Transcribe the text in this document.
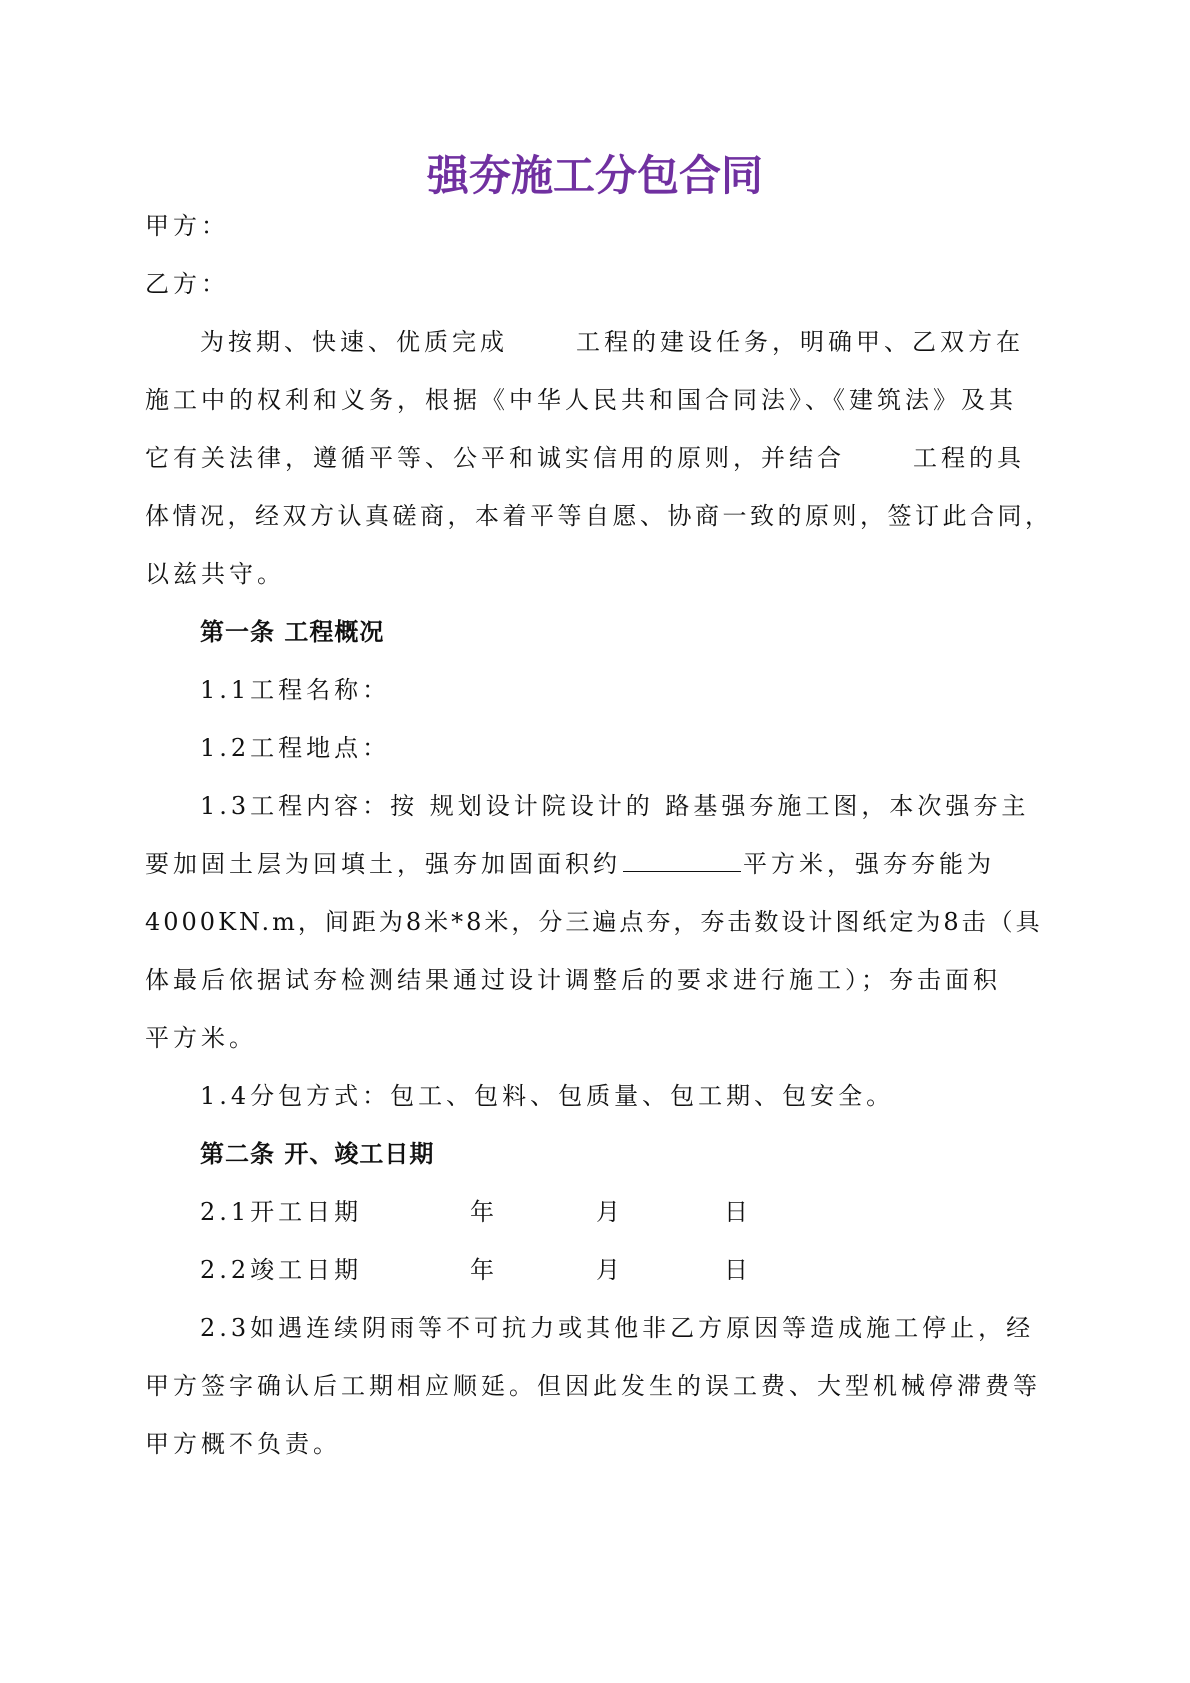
强夯施工分包合同
甲方：
乙方：
为按期、快速、优质完成	工程的建设任务，明确甲、乙双方在
施工中的权利和义务，根据《中华人民共和国合同法》、《建筑法》及其
它有关法律，遵循平等、公平和诚实信用的原则，并结合	工程的具
体情况，经双方认真磋商，本着平等自愿、协商一致的原则，签订此合同，
以兹共守。
第一条 工程概况
1.1工程名称：
1.2工程地点：
1.3工程内容：按 规划设计院设计的 路基强夯施工图，本次强夯主
要加固土层为回填土，强夯加固面积约	平方米，强夯夯能为
4000KN.m，间距为8米*8米，分三遍点夯，夯击数设计图纸定为8击（具
体最后依据试夯检测结果通过设计调整后的要求进行施工）；夯击面积
平方米。
1.4分包方式：包工、包料、包质量、包工期、包安全。
第二条 开、竣工日期
2.1开工日期	年	月	日
2.2竣工日期	年	月	日
2.3如遇连续阴雨等不可抗力或其他非乙方原因等造成施工停止，经
甲方签字确认后工期相应顺延。但因此发生的误工费、大型机械停滞费等
甲方概不负责。
